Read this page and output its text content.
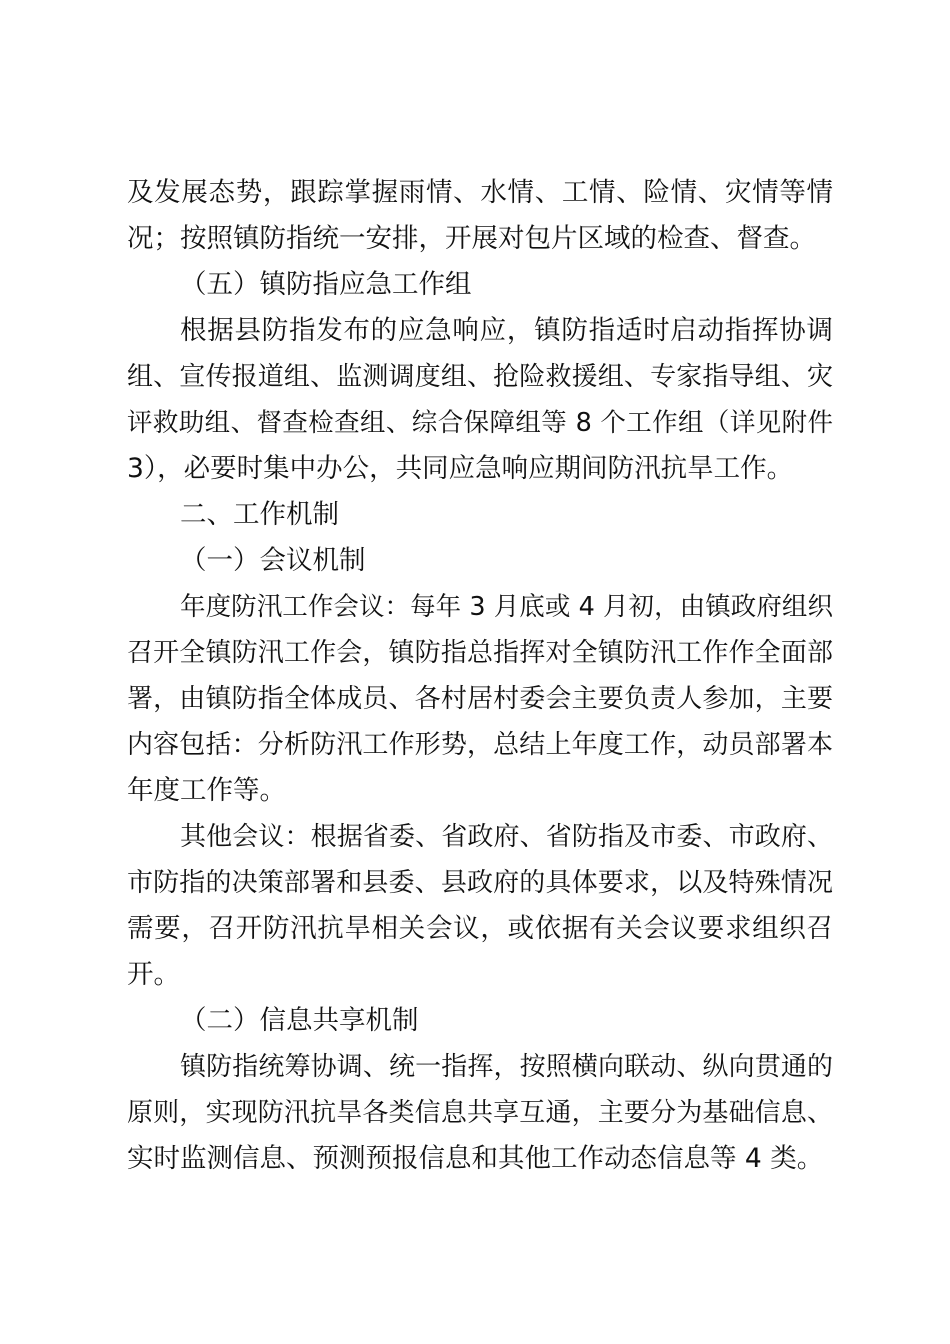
及发展态势，跟踪掌握雨情、水情、工情、险情、灾情等情
况；按照镇防指统一安排，开展对包片区域的检查、督查。
（五）镇防指应急工作组
根据县防指发布的应急响应，镇防指适时启动指挥协调
组、宣传报道组、监测调度组、抢险救援组、专家指导组、灾
评救助组、督查检查组、综合保障组等 8 个工作组（详见附件
3），必要时集中办公，共同应急响应期间防汛抗旱工作。
二、工作机制
（一）会议机制
年度防汛工作会议：每年 3 月底或 4 月初，由镇政府组织
召开全镇防汛工作会，镇防指总指挥对全镇防汛工作作全面部
署，由镇防指全体成员、各村居村委会主要负责人参加，主要
内容包括：分析防汛工作形势，总结上年度工作，动员部署本
年度工作等。
其他会议：根据省委、省政府、省防指及市委、市政府、
市防指的决策部署和县委、县政府的具体要求，以及特殊情况
需要，召开防汛抗旱相关会议，或依据有关会议要求组织召
开。
（二）信息共享机制
镇防指统筹协调、统一指挥，按照横向联动、纵向贯通的
原则，实现防汛抗旱各类信息共享互通，主要分为基础信息、
实时监测信息、预测预报信息和其他工作动态信息等 4 类。
